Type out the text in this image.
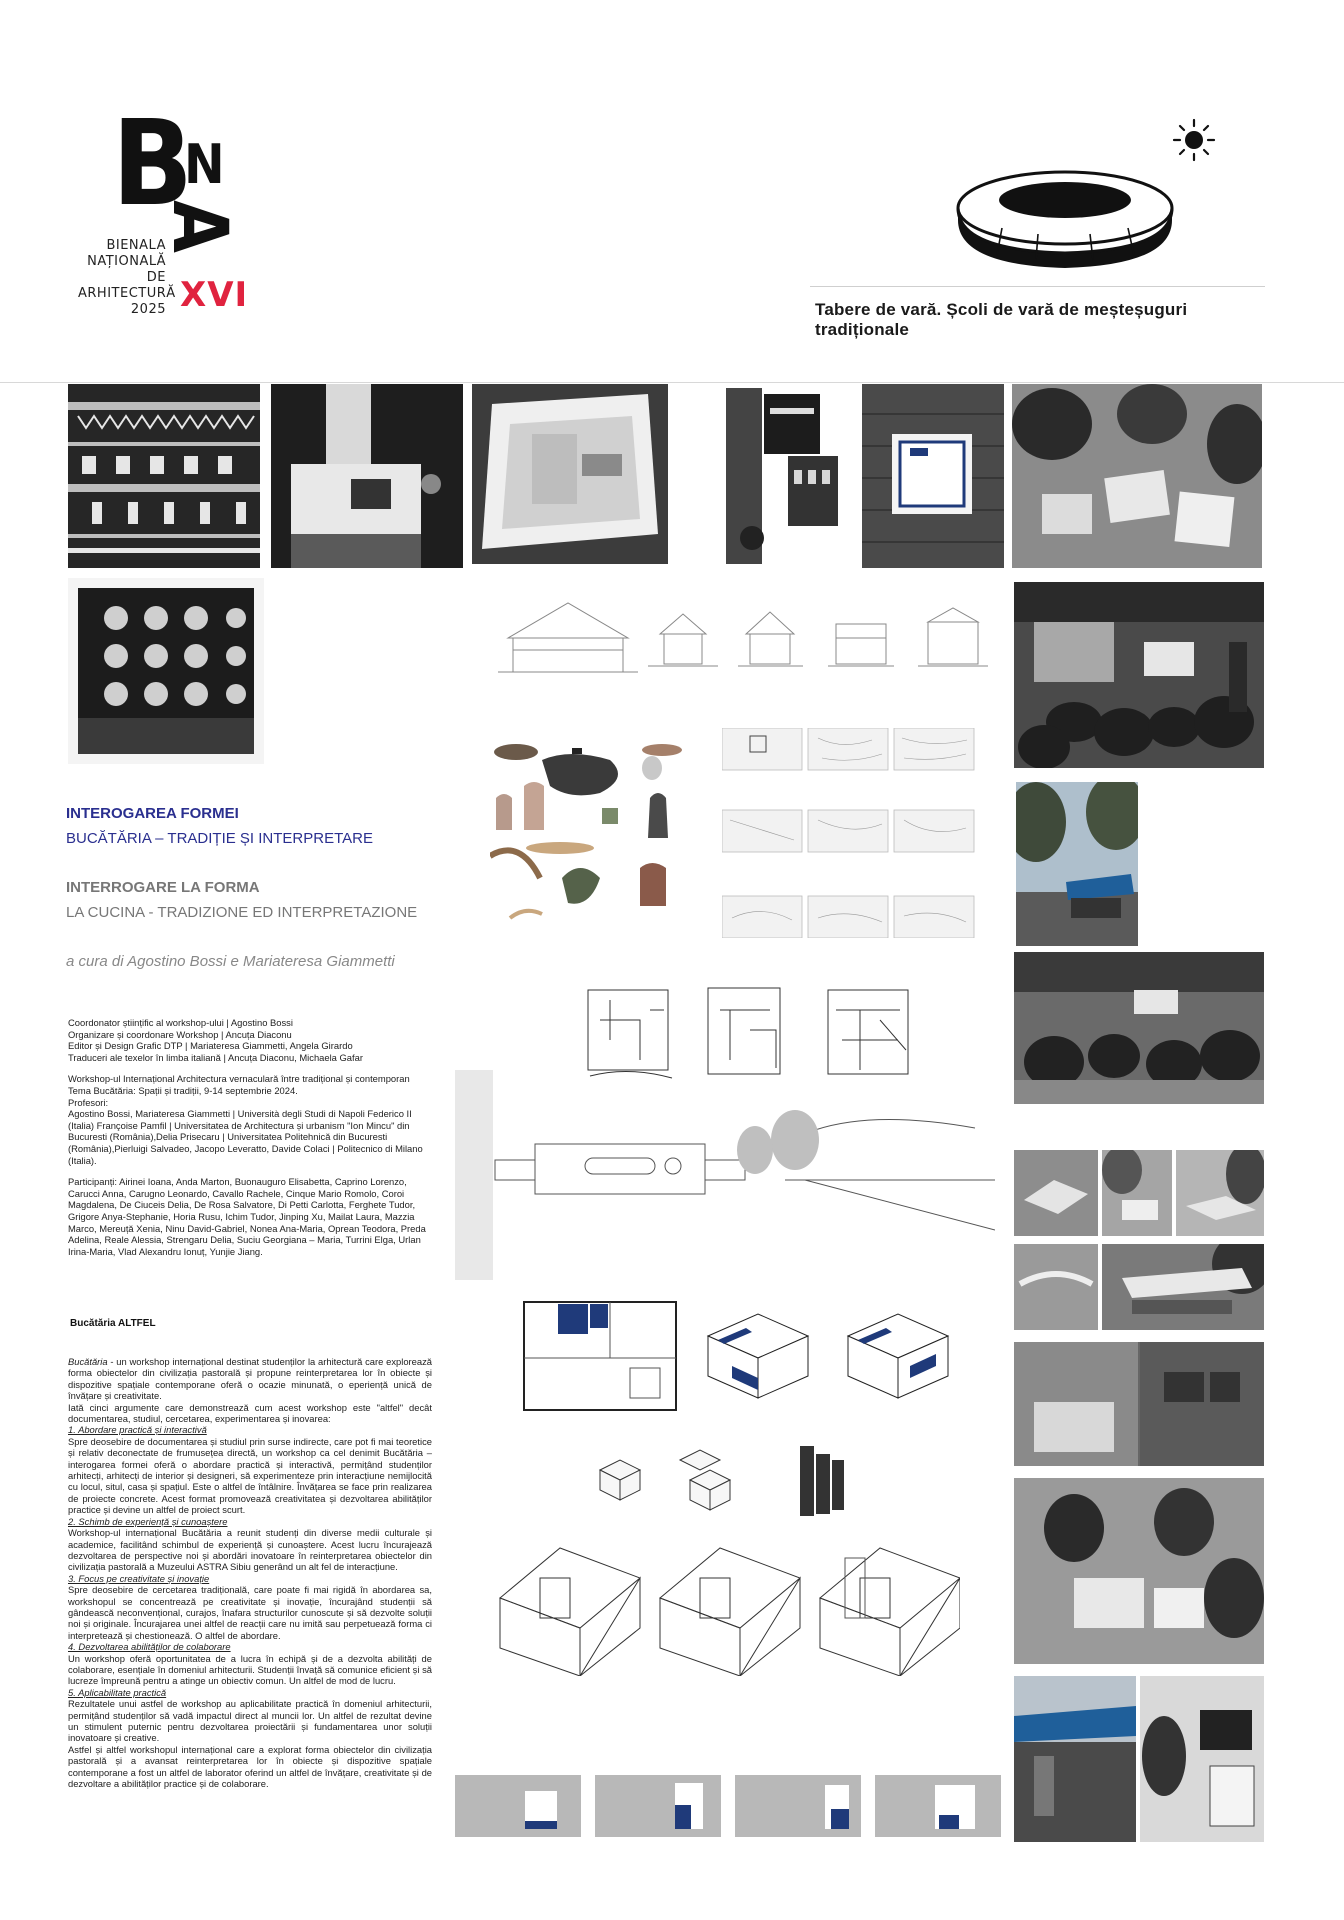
B
N
A
BIENALA
NAȚIONALĂ
DE
ARHITECTURĂ
2025 XVI	Tabere de vară. Școli de vară de meșteșuguri tradiționale
INTEROGAREA FORMEI
BUCĂTĂRIA – TRADIȚIE ȘI INTERPRETARE
INTERROGARE LA FORMA
LA CUCINA - TRADIZIONE ED INTERPRETAZIONE
a cura di Agostino Bossi e Mariateresa Giammetti

Coordonator științific al workshop-ului | Agostino Bossi

Organizare și coordonare Workshop | Ancuța Diaconu

Editor și Design Grafic DTP | Mariateresa Giammetti, Angela Girardo

Traduceri ale texelor în limba italiană | Ancuța Diaconu, Michaela Gafar

Workshop-ul Internațional Architectura vernaculară între tradițional și contemporan

Tema Bucătăria: Spații și tradiții, 9-14 septembrie 2024.

Profesori:

Agostino Bossi, Mariateresa Giammetti | Università degli Studi di Napoli Federico II (Italia) Françoise Pamfil | Universitatea de Architectura și urbanism "Ion Mincu" din Bucuresti (România),Delia Prisecaru | Universitatea Politehnică din Bucuresti (România),Pierluigi Salvadeo, Jacopo Leveratto, Davide Colaci | Politecnico di Milano (Italia).

Participanți: Airinei Ioana, Anda Marton, Buonauguro Elisabetta, Caprino Lorenzo, Carucci Anna, Carugno Leonardo, Cavallo Rachele, Cinque Mario Romolo, Coroi Magdalena, De Ciuceis Delia, De Rosa Salvatore, Di Petti Carlotta, Ferghete Tudor, Grigore Anya-Stephanie, Horia Rusu, Ichim Tudor, Jinping Xu, Mailat Laura, Mazzia Marco, Mereuță Xenia, Ninu David-Gabriel, Nonea Ana-Maria, Oprean Teodora, Preda Adelina, Reale Alessia, Strengaru Delia, Suciu Georgiana – Maria, Turrini Elga, Urlan Irina-Maria, Vlad Alexandru Ionuț, Yunjie Jiang.

Bucătăria ALTFEL

Bucătăria - un workshop internațional destinat studenților la arhitectură care explorează forma obiectelor din civilizația pastorală și propune reinterpretarea lor în obiecte și dispozitive spațiale contemporane oferă o ocazie minunată, o eperiență unică de învățare și creativitate.

Iată cinci argumente care demonstrează cum acest workshop este "altfel" decât documentarea, studiul, cercetarea, experimentarea și inovarea:

1. Abordare practică și interactivă

Spre deosebire de documentarea și studiul prin surse indirecte, care pot fi mai teoretice și relativ deconectate de frumusețea directă, un workshop ca cel denimit Bucătăria – interogarea formei oferă o abordare practică și interactivă, permițând studenților arhitecți, arhitecți de interior și designeri, să experimenteze prin interacțiune nemijlocită cu locul, situl, casa și spațiul. Este o altfel de întâlnire. Învățarea se face prin realizarea de proiecte concrete. Acest format promovează creativitatea și dezvoltarea abilităților practice și devine un altfel de proiect scurt.

2. Schimb de experiență și cunoaștere

Workshop-ul internațional Bucătăria a reunit studenți din diverse medii culturale și academice, facilitând schimbul de experiență și cunoaștere. Acest lucru încurajează dezvoltarea de perspective noi și abordări inovatoare în reinterpretarea obiectelor din civilizația pastorală a Muzeului ASTRA Sibiu generând un alt fel de interacțiune.

3. Focus pe creativitate și inovație

Spre deosebire de cercetarea tradițională, care poate fi mai rigidă în abordarea sa, workshopul se concentrează pe creativitate și inovație, încurajând studenții să gândească neconvențional, curajos, înafara structurilor cunoscute și să dezvolte soluții noi și originale. Încurajarea unei altfel de reacții care nu imită sau perpetuează forma ci interpretează și chestionează. O altfel de abordare.

4. Dezvoltarea abilităților de colaborare

Un workshop oferă oportunitatea de a lucra în echipă și de a dezvolta abilități de colaborare, esențiale în domeniul arhitecturii. Studenții învață să comunice eficient și să lucreze împreună pentru a atinge un obiectiv comun. Un altfel de mod de lucru.

5. Aplicabilitate practică

Rezultatele unui astfel de workshop au aplicabilitate practică în domeniul arhitecturii, permițând studenților să vadă impactul direct al muncii lor. Un altfel de rezultat devine un stimulent puternic pentru dezvoltarea proiectării și fundamentarea unor soluții inovatoare și creative.

Astfel și altfel workshopul internațional care a explorat forma obiectelor din civilizația pastorală și a avansat reinterpretarea lor în obiecte și dispozitive spațiale contemporane a fost un altfel de laborator oferind un altfel de învățare, creativitate și de dezvoltare a abilităților practice și de colaborare.
